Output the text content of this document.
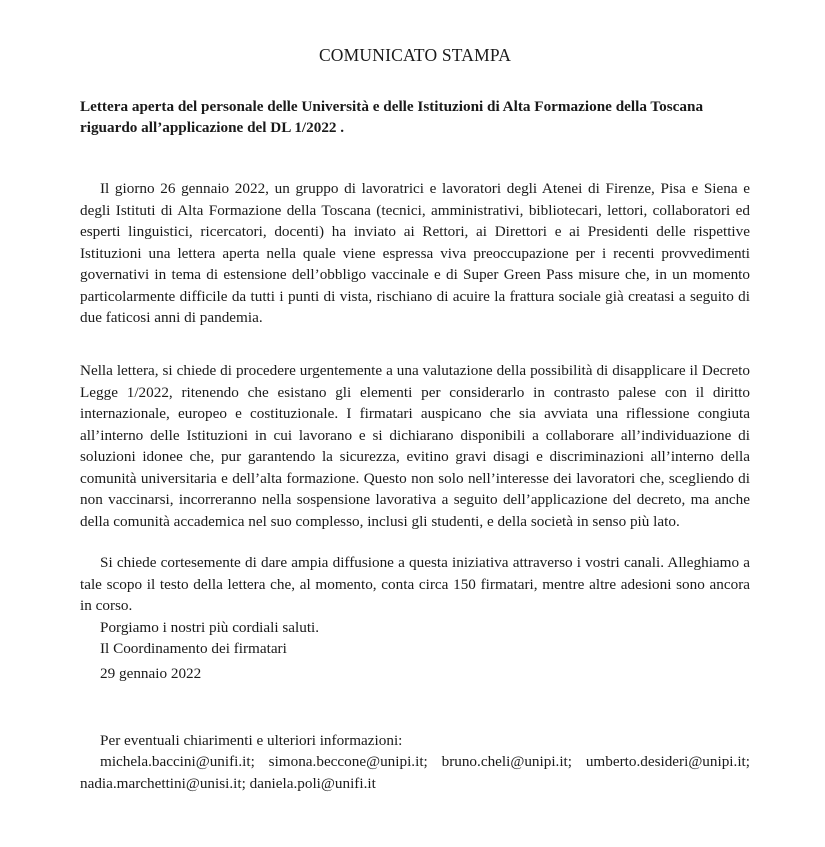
COMUNICATO STAMPA

Lettera aperta del personale delle Università e delle Istituzioni di Alta Formazione della Toscana riguardo all’applicazione del DL 1/2022 .

Il giorno 26 gennaio 2022, un gruppo di lavoratrici e lavoratori degli Atenei di Firenze, Pisa e Siena e degli Istituti di Alta Formazione della Toscana (tecnici, amministrativi, bibliotecari, lettori, collaboratori ed esperti linguistici, ricercatori, docenti) ha inviato ai Rettori, ai Direttori e ai Presidenti delle rispettive Istituzioni una lettera aperta nella quale viene espressa viva preoccupazione per i recenti provvedimenti governativi in tema di estensione dell’obbligo vaccinale e di Super Green Pass misure che, in un momento particolarmente difficile da tutti i punti di vista, rischiano di acuire la frattura sociale già creatasi a seguito di due faticosi anni di pandemia.

Nella lettera, si chiede di procedere urgentemente a una valutazione della possibilità di disapplicare il Decreto Legge 1/2022, ritenendo che esistano gli elementi per considerarlo in contrasto palese con il diritto internazionale, europeo e costituzionale. I firmatari auspicano che sia avviata una riflessione congiuta all’interno delle Istituzioni in cui lavorano e si dichiarano disponibili a collaborare all’individuazione di soluzioni idonee che, pur garantendo la sicurezza, evitino gravi disagi e discriminazioni all’interno della comunità universitaria e dell’alta formazione. Questo non solo nell’interesse dei lavoratori che, scegliendo di non vaccinarsi, incorreranno nella sospensione lavorativa a seguito dell’applicazione del decreto, ma anche della comunità accademica nel suo complesso, inclusi gli studenti, e della società in senso più lato.

Si chiede cortesemente di dare ampia diffusione a questa iniziativa attraverso i vostri canali. Alleghiamo a tale scopo il testo della lettera che, al momento, conta circa 150 firmatari, mentre altre adesioni sono ancora in corso.

Porgiamo i nostri più cordiali saluti.

Il Coordinamento dei firmatari

29 gennaio 2022

Per eventuali chiarimenti e ulteriori informazioni:

michela.baccini@unifi.it; simona.beccone@unipi.it; bruno.cheli@unipi.it; umberto.desideri@unipi.it; nadia.marchettini@unisi.it; daniela.poli@unifi.it
